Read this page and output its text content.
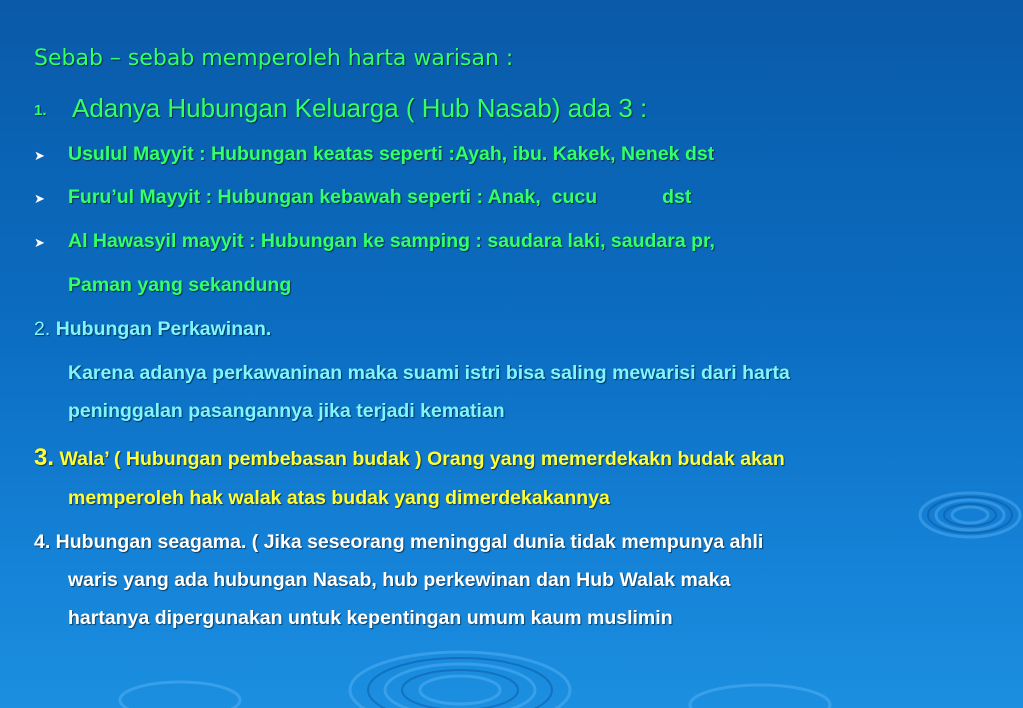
Sebab – sebab memperoleh harta warisan :
1. Adanya Hubungan Keluarga ( Hub Nasab) ada 3 :
➤ Usulul Mayyit : Hubungan keatas seperti :Ayah, ibu. Kakek, Nenek dst
➤ Furu’ul Mayyit : Hubungan kebawah seperti : Anak,  cucu            dst
➤ Al Hawasyil mayyit : Hubungan ke samping : saudara laki, saudara pr,
Paman yang sekandung
2. Hubungan Perkawinan.
Karena adanya perkawaninan maka suami istri bisa saling mewarisi dari harta
peninggalan pasangannya jika terjadi kematian
3. Wala’ ( Hubungan pembebasan budak ) Orang yang memerdekakn budak akan
memperoleh hak walak atas budak yang dimerdekakannya
4. Hubungan seagama. ( Jika seseorang meninggal dunia tidak mempunya ahli
waris yang ada hubungan Nasab, hub perkewinan dan Hub Walak maka
hartanya dipergunakan untuk kepentingan umum kaum muslimin
